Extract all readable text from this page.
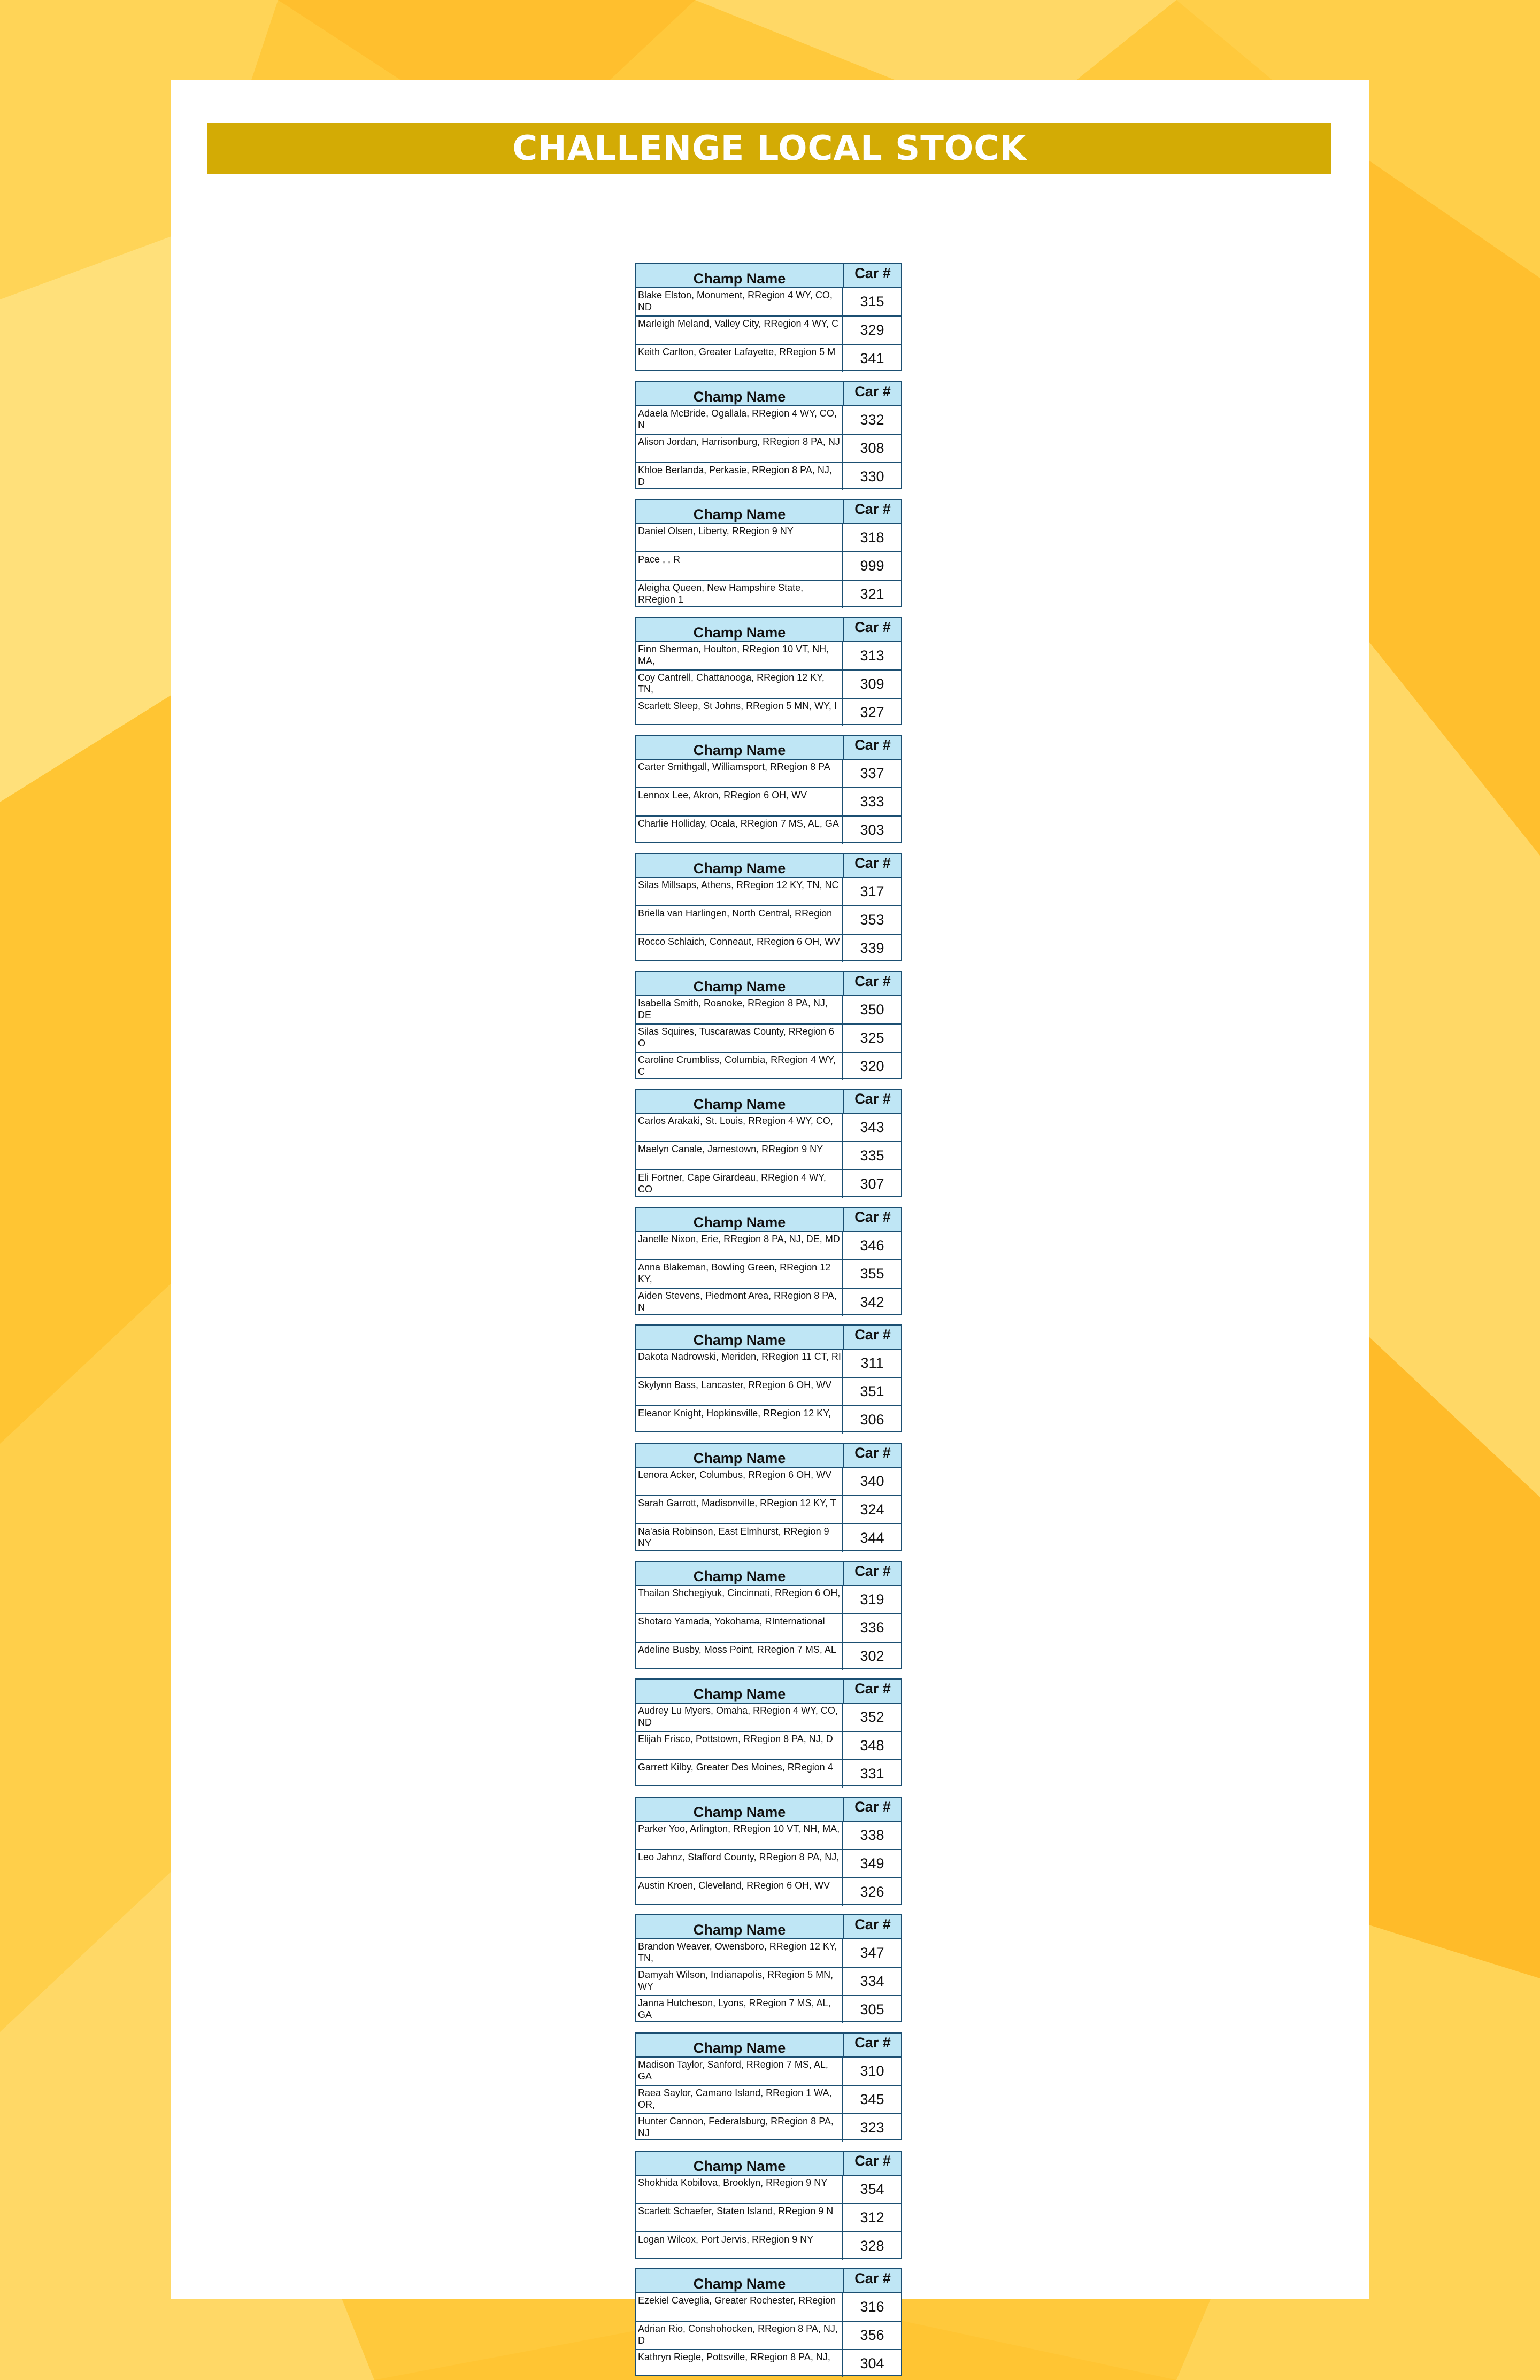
CHALLENGE LOCAL STOCK
Champ Name	Car #
Blake Elston, Monument, RRegion 4 WY, CO, ND	315
Marleigh Meland, Valley City, RRegion 4 WY, C	329
Keith Carlton, Greater Lafayette, RRegion 5 M	341
Champ Name	Car #
Adaela McBride, Ogallala, RRegion 4 WY, CO, N	332
Alison Jordan, Harrisonburg, RRegion 8 PA, NJ	308
Khloe Berlanda, Perkasie, RRegion 8 PA, NJ, D	330
Champ Name	Car #
Daniel Olsen, Liberty, RRegion 9 NY	318
Pace , , R	999
Aleigha Queen, New Hampshire State, RRegion 1	321
Champ Name	Car #
Finn Sherman, Houlton, RRegion 10 VT, NH, MA,	313
Coy Cantrell, Chattanooga, RRegion 12 KY, TN,	309
Scarlett Sleep, St Johns, RRegion 5 MN, WY, I	327
Champ Name	Car #
Carter Smithgall, Williamsport, RRegion 8 PA	337
Lennox Lee, Akron, RRegion 6 OH, WV	333
Charlie Holliday, Ocala, RRegion 7 MS, AL, GA	303
Champ Name	Car #
Silas Millsaps, Athens, RRegion 12 KY, TN, NC	317
Briella van Harlingen, North Central, RRegion	353
Rocco Schlaich, Conneaut, RRegion 6 OH, WV	339
Champ Name	Car #
Isabella Smith, Roanoke, RRegion 8 PA, NJ, DE	350
Silas Squires, Tuscarawas County, RRegion 6 O	325
Caroline Crumbliss, Columbia, RRegion 4 WY, C	320
Champ Name	Car #
Carlos Arakaki, St. Louis, RRegion 4 WY, CO,	343
Maelyn Canale, Jamestown, RRegion 9 NY	335
Eli Fortner, Cape Girardeau, RRegion 4 WY, CO	307
Champ Name	Car #
Janelle Nixon, Erie, RRegion 8 PA, NJ, DE, MD	346
Anna Blakeman, Bowling Green, RRegion 12 KY,	355
Aiden Stevens, Piedmont Area, RRegion 8 PA, N	342
Champ Name	Car #
Dakota Nadrowski, Meriden, RRegion 11 CT, RI	311
Skylynn Bass, Lancaster, RRegion 6 OH, WV	351
Eleanor Knight, Hopkinsville, RRegion 12 KY,	306
Champ Name	Car #
Lenora Acker, Columbus, RRegion 6 OH, WV	340
Sarah Garrott, Madisonville, RRegion 12 KY, T	324
Na'asia Robinson, East Elmhurst, RRegion 9 NY	344
Champ Name	Car #
Thailan Shchegiyuk, Cincinnati, RRegion 6 OH,	319
Shotaro Yamada, Yokohama, RInternational	336
Adeline Busby, Moss Point, RRegion 7 MS, AL	302
Champ Name	Car #
Audrey Lu Myers, Omaha, RRegion 4 WY, CO, ND	352
Elijah Frisco, Pottstown, RRegion 8 PA, NJ, D	348
Garrett Kilby, Greater Des Moines, RRegion 4	331
Champ Name	Car #
Parker Yoo, Arlington, RRegion 10 VT, NH, MA,	338
Leo Jahnz, Stafford County, RRegion 8 PA, NJ,	349
Austin Kroen, Cleveland, RRegion 6 OH, WV	326
Champ Name	Car #
Brandon Weaver, Owensboro, RRegion 12 KY, TN,	347
Damyah Wilson, Indianapolis, RRegion 5 MN, WY	334
Janna Hutcheson, Lyons, RRegion 7 MS, AL, GA	305
Champ Name	Car #
Madison Taylor, Sanford, RRegion 7 MS, AL, GA	310
Raea Saylor, Camano Island, RRegion 1 WA, OR,	345
Hunter Cannon, Federalsburg, RRegion 8 PA, NJ	323
Champ Name	Car #
Shokhida Kobilova, Brooklyn, RRegion 9 NY	354
Scarlett Schaefer, Staten Island, RRegion 9 N	312
Logan Wilcox, Port Jervis, RRegion 9 NY	328
Champ Name	Car #
Ezekiel Caveglia, Greater Rochester, RRegion	316
Adrian Rio, Conshohocken, RRegion 8 PA, NJ, D	356
Kathryn Riegle, Pottsville, RRegion 8 PA, NJ,	304
